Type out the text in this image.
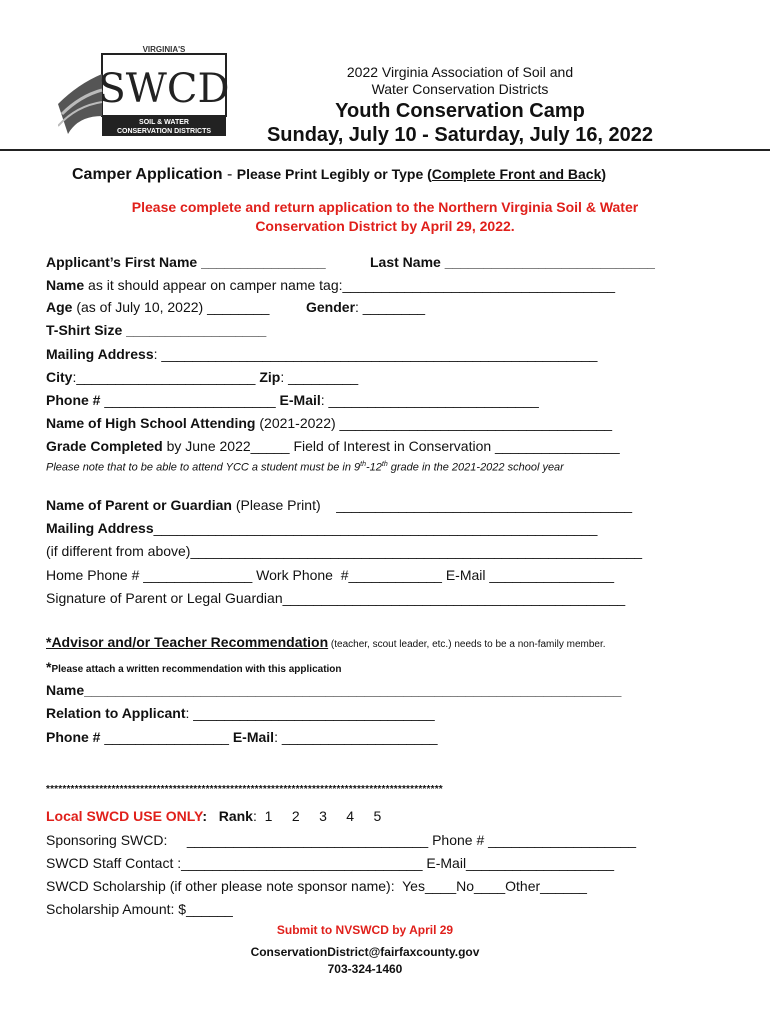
VIRGINIA'S
SWCD
SOIL & WATER
CONSERVATION DISTRICTS
2022 Virginia Association of Soil and
Water Conservation Districts
Youth Conservation Camp
Sunday, July 10 - Saturday, July 16, 2022
Camper Application - Please Print Legibly or Type (Complete Front and Back)
Please complete and return application to the Northern Virginia Soil & Water
Conservation District by April 29, 2022.
Applicant’s First Name ________________	Last Name ___________________________
Name as it should appear on camper name tag:___________________________________
Age (as of July 10, 2022) ________	Gender: ________
T-Shirt Size __________________
Mailing Address: ________________________________________________________
City:_______________________ Zip: _________
Phone # ______________________ E-Mail: ___________________________
Name of High School Attending (2021-2022) ___________________________________
Grade Completed by June 2022_____ Field of Interest in Conservation ________________
Please note that to be able to attend YCC a student must be in 9th-12th grade in the 2021-2022 school year
Name of Parent or Guardian (Please Print)    ______________________________________
Mailing Address_________________________________________________________
(if different from above)__________________________________________________________
Home Phone # ______________ Work Phone  #____________ E-Mail ________________
Signature of Parent or Legal Guardian____________________________________________
*Advisor and/or Teacher Recommendation (teacher, scout leader, etc.) needs to be a non-family member.
*Please attach a written recommendation with this application
Name_____________________________________________________________________
Relation to Applicant: _______________________________
Phone # ________________ E-Mail: ____________________
*************************************************************************************************
Local SWCD USE ONLY: Rank:  1     2     3     4     5
Sponsoring SWCD:     _______________________________ Phone # ___________________
SWCD Staff Contact :_______________________________ E-Mail___________________
SWCD Scholarship (if other please note sponsor name):  Yes____No____Other______
Scholarship Amount: $______
Submit to NVSWCD by April 29
ConservationDistrict@fairfaxcounty.gov
703-324-1460
